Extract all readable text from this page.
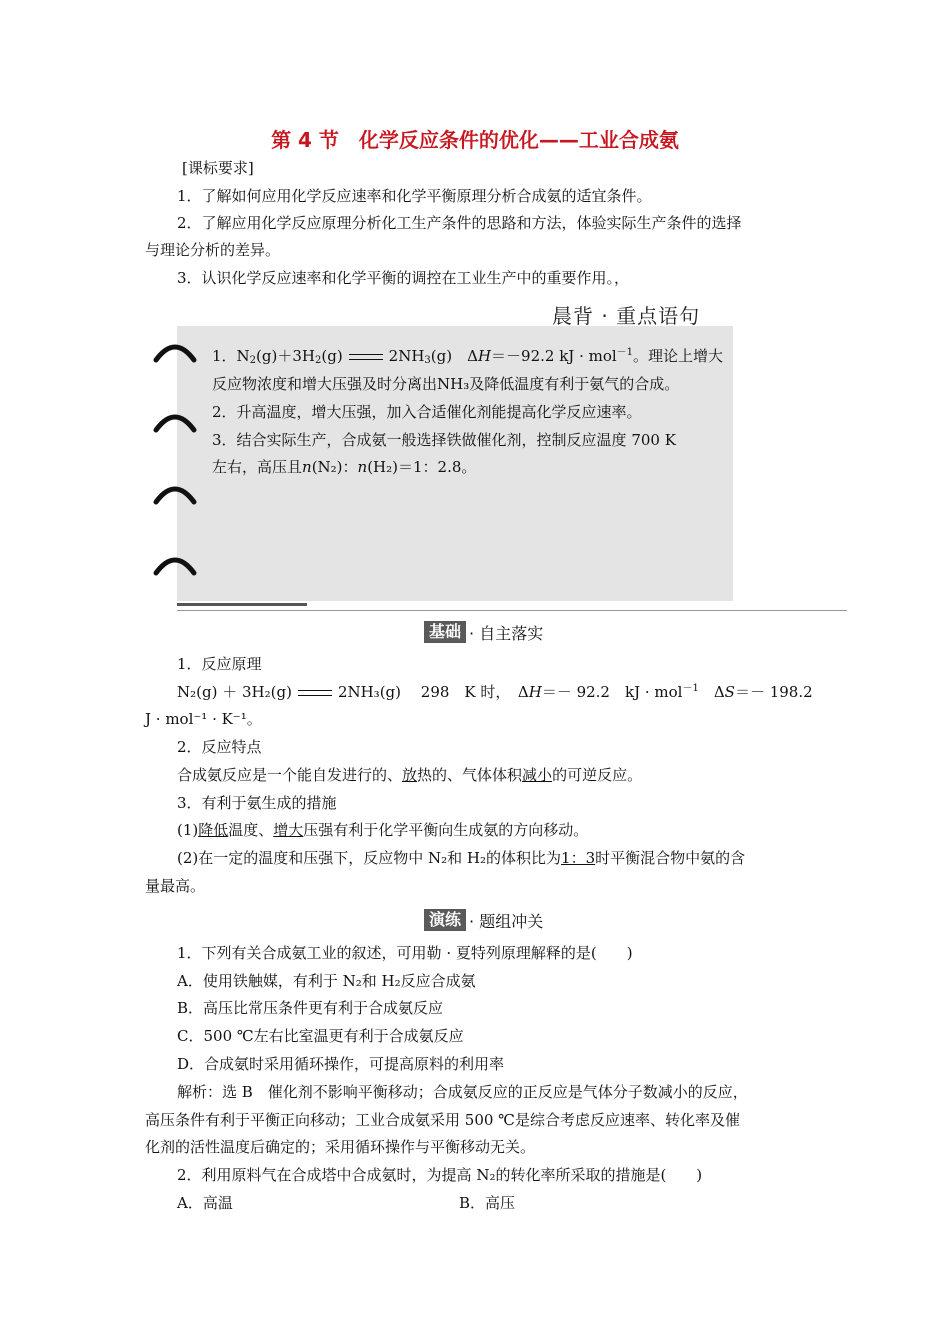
第 4 节　化学反应条件的优化——工业合成氨
[课标要求]
1．了解如何应用化学反应速率和化学平衡原理分析合成氨的适宜条件。
2．了解应用化学反应原理分析化工生产条件的思路和方法，体验实际生产条件的选择
与理论分析的差异。
3．认识化学反应速率和化学平衡的调控在工业生产中的重要作用。，
晨背 · 重点语句
1．$N_2(g)+3H_2(g)$	$2NH_3(g)$　ΔH＝－92.2 kJ · mol$^{-1}$。理论上增大
反应物浓度和增大压强及时分离出NH₃及降低温度有利于氨气的合成。
2．升高温度，增大压强，加入合适催化剂能提高化学反应速率。
3．结合实际生产，合成氨一般选择铁做催化剂，控制反应温度 700 K
左右，高压且n(N₂)：n(H₂)＝1：2.8。
基础 · 自主落实
1．反应原理
N₂(g) ＋ 3H₂(g)	2NH₃(g)　 298　K 时，　ΔH＝－ 92.2　kJ · mol$^{-1}$　ΔS＝－ 198.2
J · mol⁻¹ · K⁻¹。
2．反应特点
合成氨反应是一个能自发进行的、放热的、气体体积减小的可逆反应。
3．有利于氨生成的措施
(1)降低温度、增大压强有利于化学平衡向生成氨的方向移动。
(2)在一定的温度和压强下，反应物中 N₂和 H₂的体积比为1：3时平衡混合物中氨的含
量最高。
演练 · 题组冲关
1．下列有关合成氨工业的叙述，可用勒 · 夏特列原理解释的是(　　)
A．使用铁触媒，有利于 N₂和 H₂反应合成氨
B．高压比常压条件更有利于合成氨反应
C．500 ℃左右比室温更有利于合成氨反应
D．合成氨时采用循环操作，可提高原料的利用率
解析：选 B　催化剂不影响平衡移动；合成氨反应的正反应是气体分子数减小的反应，
高压条件有利于平衡正向移动；工业合成氨采用 500 ℃是综合考虑反应速率、转化率及催
化剂的活性温度后确定的；采用循环操作与平衡移动无关。
2．利用原料气在合成塔中合成氨时，为提高 N₂的转化率所采取的措施是(　　)
A．高温	B．高压
